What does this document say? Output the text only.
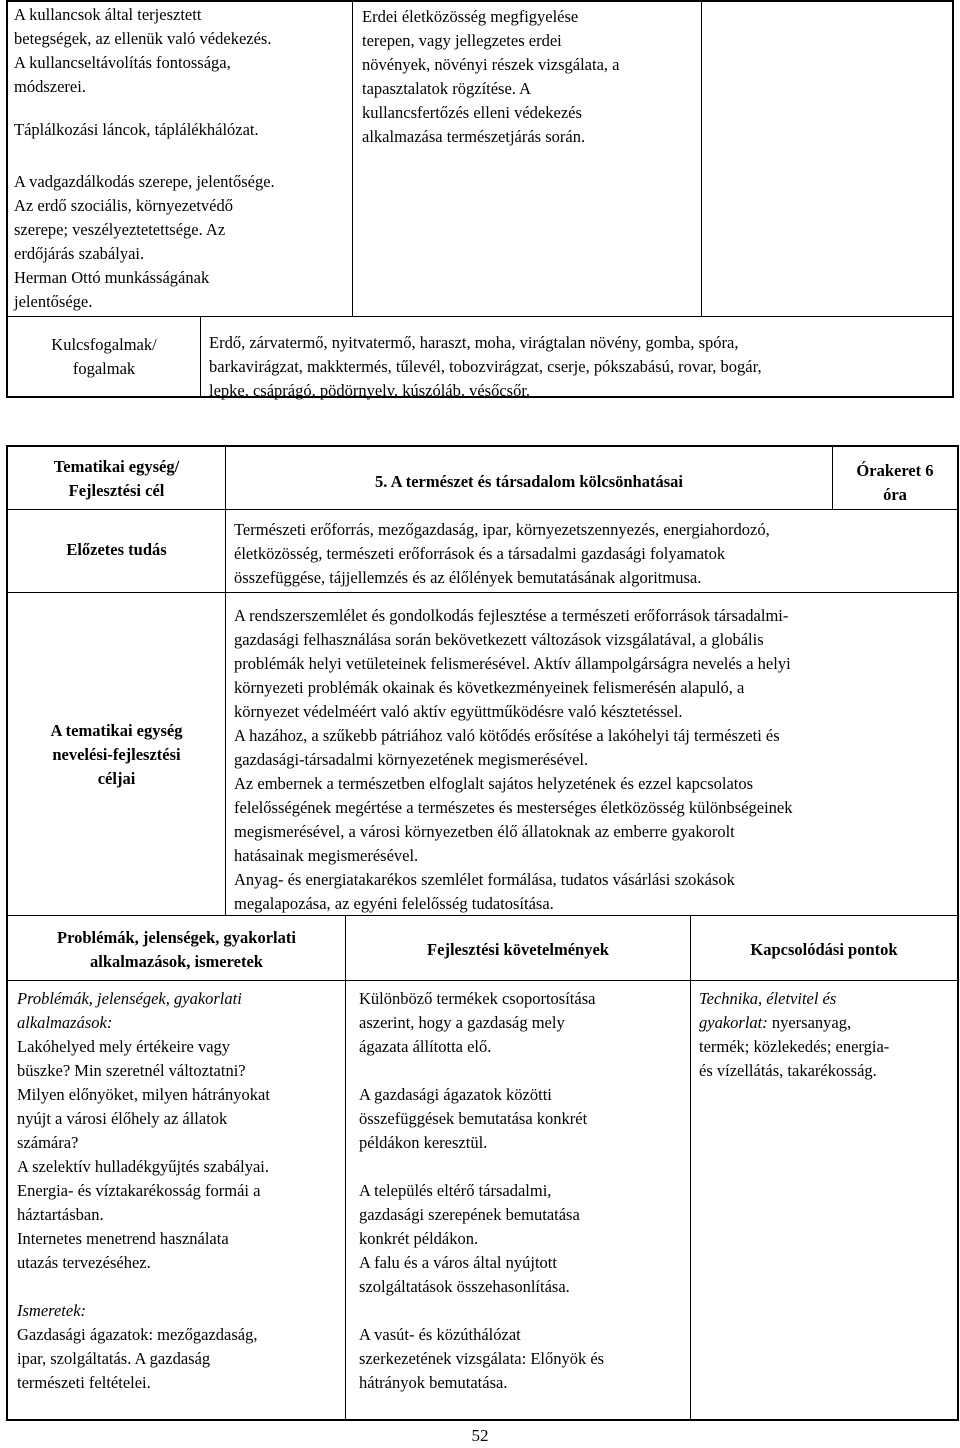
A kullancsok által terjesztett

betegségek, az ellenük való védekezés.

A kullancseltávolítás fontossága,

módszerei.

Táplálkozási láncok, táplálékhálózat.

A vadgazdálkodás szerepe, jelentősége.

Az erdő szociális, környezetvédő

szerepe; veszélyeztetettsége. Az

erdőjárás szabályai.

Herman Ottó munkásságának

jelentősége.

Erdei életközösség megfigyelése

terepen, vagy jellegzetes erdei

növények, növényi részek vizsgálata, a

tapasztalatok rögzítése. A

kullancsfertőzés elleni védekezés

alkalmazása természetjárás során.

Kulcsfogalmak/

fogalmak

Erdő, zárvatermő, nyitvatermő, haraszt, moha, virágtalan növény, gomba, spóra,

barkavirágzat, makktermés, tűlevél, tobozvirágzat, cserje, pókszabású, rovar, bogár,

lepke, csáprágó, pödörnyelv, kúszóláb. vésőcsőr.

Tematikai egység/

Fejlesztési cél	5. A természet és társadalom kölcsönhatásai

Órakeret 6

óra

Előzetes tudás

Természeti erőforrás, mezőgazdaság, ipar, környezetszennyezés, energiahordozó,

életközösség, természeti erőforrások és a társadalmi gazdasági folyamatok

összefüggése, tájjellemzés és az élőlények bemutatásának algoritmusa.

A tematikai egység

nevelési-fejlesztési

céljai

A rendszerszemlélet és gondolkodás fejlesztése a természeti erőforrások társadalmi-

gazdasági felhasználása során bekövetkezett változások vizsgálatával, a globális

problémák helyi vetületeinek felismerésével. Aktív állampolgárságra nevelés a helyi

környezeti problémák okainak és következményeinek felismerésén alapuló, a

környezet védelméért való aktív együttműködésre való késztetéssel.

A hazához, a szűkebb pátriához való kötődés erősítése a lakóhelyi táj természeti és

gazdasági-társadalmi környezetének megismerésével.

Az embernek a természetben elfoglalt sajátos helyzetének és ezzel kapcsolatos

felelősségének megértése a természetes és mesterséges életközösség különbségeinek

megismerésével, a városi környezetben élő állatoknak az emberre gyakorolt

hatásainak megismerésével.

Anyag- és energiatakarékos szemlélet formálása, tudatos vásárlási szokások

megalapozása, az egyéni felelősség tudatosítása.

Problémák, jelenségek, gyakorlati

alkalmazások, ismeretek

Fejlesztési követelmények	Kapcsolódási pontok

Problémák, jelenségek, gyakorlati

alkalmazások:

Lakóhelyed mely értékeire vagy

büszke? Min szeretnél változtatni?

Milyen előnyöket, milyen hátrányokat

nyújt a városi élőhely az állatok

számára?

A szelektív hulladékgyűjtés szabályai.

Energia- és víztakarékosság formái a

háztartásban.

Internetes menetrend használata

utazás tervezéséhez.

Ismeretek:

Gazdasági ágazatok: mezőgazdaság,

ipar, szolgáltatás. A gazdaság

természeti feltételei.

Különböző termékek csoportosítása

aszerint, hogy a gazdaság mely

ágazata állította elő.

A gazdasági ágazatok közötti

összefüggések bemutatása konkrét

példákon keresztül.

A település eltérő társadalmi,

gazdasági szerepének bemutatása

konkrét példákon.

A falu és a város által nyújtott

szolgáltatások összehasonlítása.

A vasút- és közúthálózat

szerkezetének vizsgálata: Előnyök és

hátrányok bemutatása.

Technika, életvitel és

gyakorlat: nyersanyag,

termék; közlekedés; energia-

és vízellátás, takarékosság.

52
